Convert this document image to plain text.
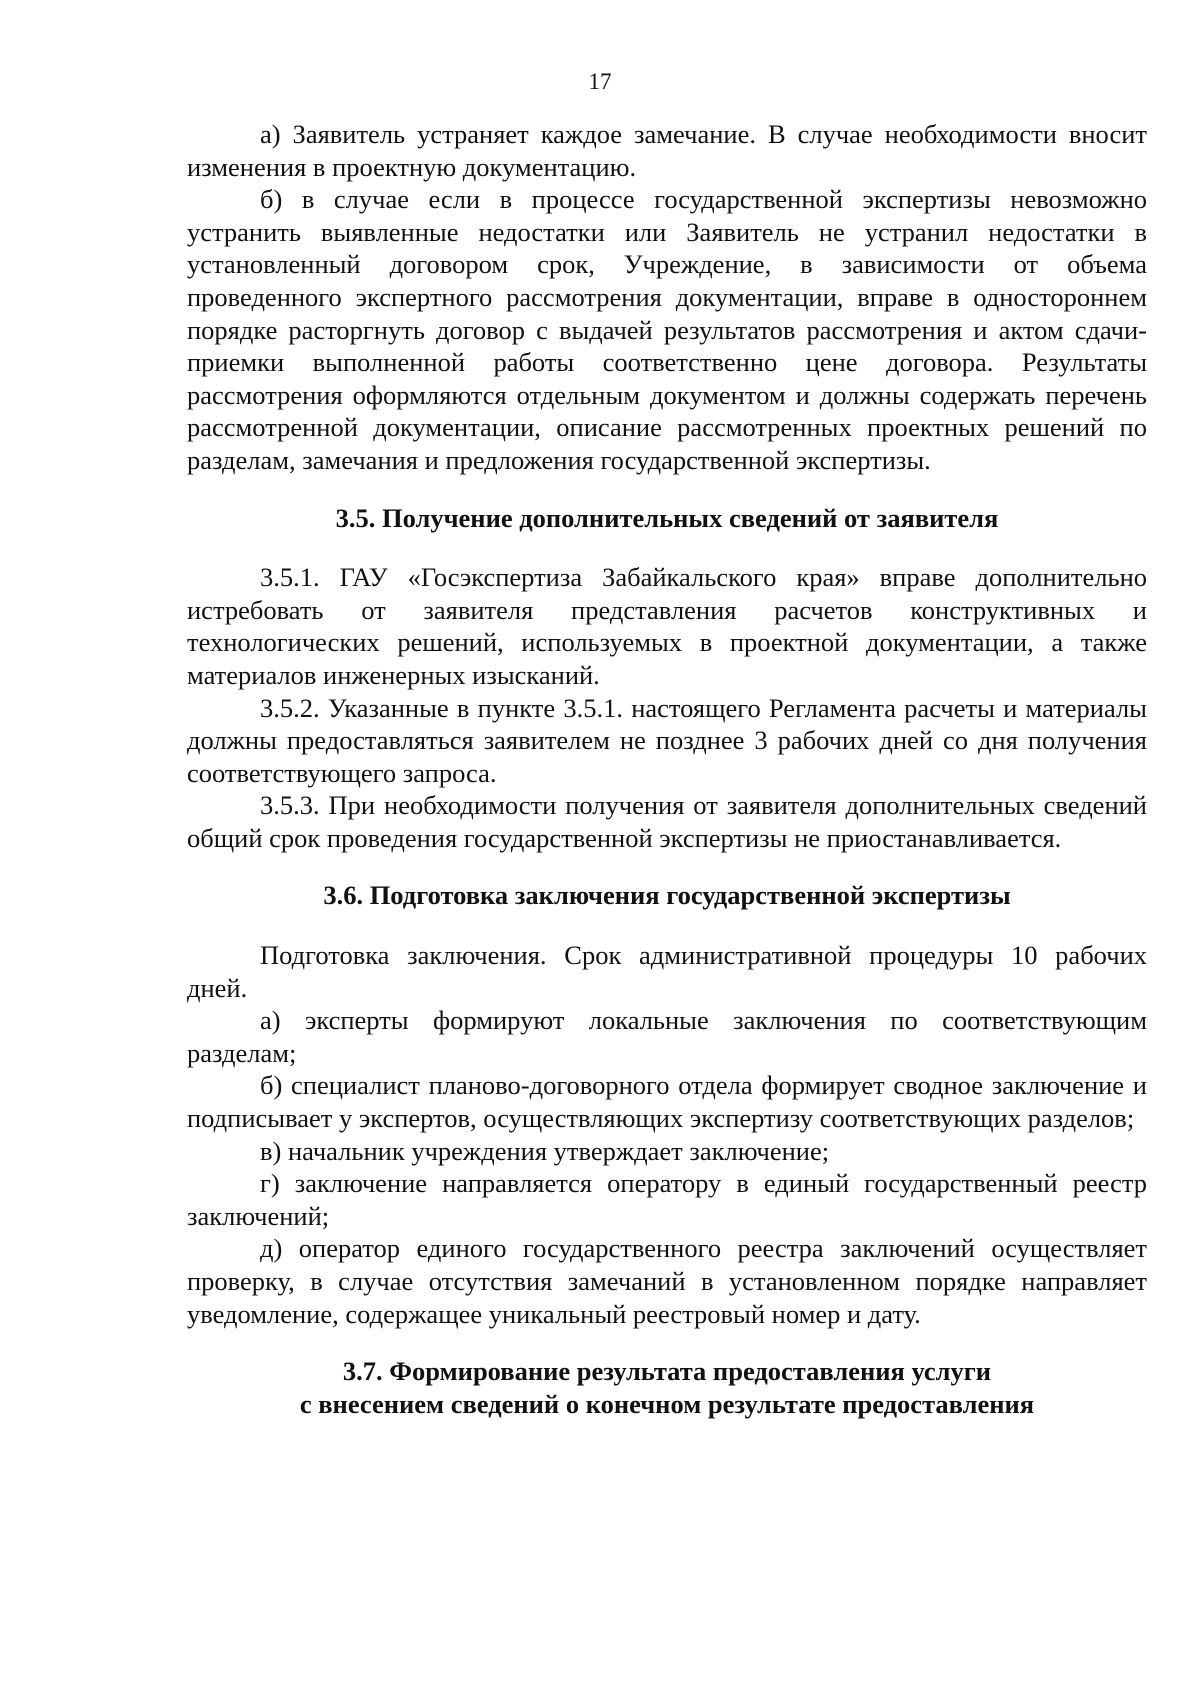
17

а) Заявитель устраняет каждое замечание. В случае необходимости вносит изменения в проектную документацию.

б) в случае если в процессе государственной экспертизы невозможно устранить выявленные недостатки или Заявитель не устранил недостатки в установленный договором срок, Учреждение, в зависимости от объема проведенного экспертного рассмотрения документации, вправе в одностороннем порядке расторгнуть договор с выдачей результатов рассмотрения и актом сдачи-приемки выполненной работы соответственно цене договора. Результаты рассмотрения оформляются отдельным документом и должны содержать перечень рассмотренной документации, описание рассмотренных проектных решений по разделам, замечания и предложения государственной экспертизы.

3.5. Получение дополнительных сведений от заявителя

3.5.1. ГАУ «Госэкспертиза Забайкальского края» вправе дополнительно истребовать от заявителя представления расчетов конструктивных и технологических решений, используемых в проектной документации, а также материалов инженерных изысканий.

3.5.2. Указанные в пункте 3.5.1. настоящего Регламента расчеты и материалы должны предоставляться заявителем не позднее 3 рабочих дней со дня получения соответствующего запроса.

3.5.3. При необходимости получения от заявителя дополнительных сведений общий срок проведения государственной экспертизы не приостанавливается.

3.6. Подготовка заключения государственной экспертизы

Подготовка заключения. Срок административной процедуры 10 рабочих дней.

а) эксперты формируют локальные заключения по соответствующим разделам;

б) специалист планово-договорного отдела формирует сводное заключение и подписывает у экспертов, осуществляющих экспертизу соответствующих разделов;

в) начальник учреждения утверждает заключение;

г) заключение направляется оператору в единый государственный реестр заключений;

д) оператор единого государственного реестра заключений осуществляет проверку, в случае отсутствия замечаний в установленном порядке направляет уведомление, содержащее уникальный реестровый номер и дату.

3.7. Формирование результата предоставления услуги
с внесением сведений о конечном результате предоставления
